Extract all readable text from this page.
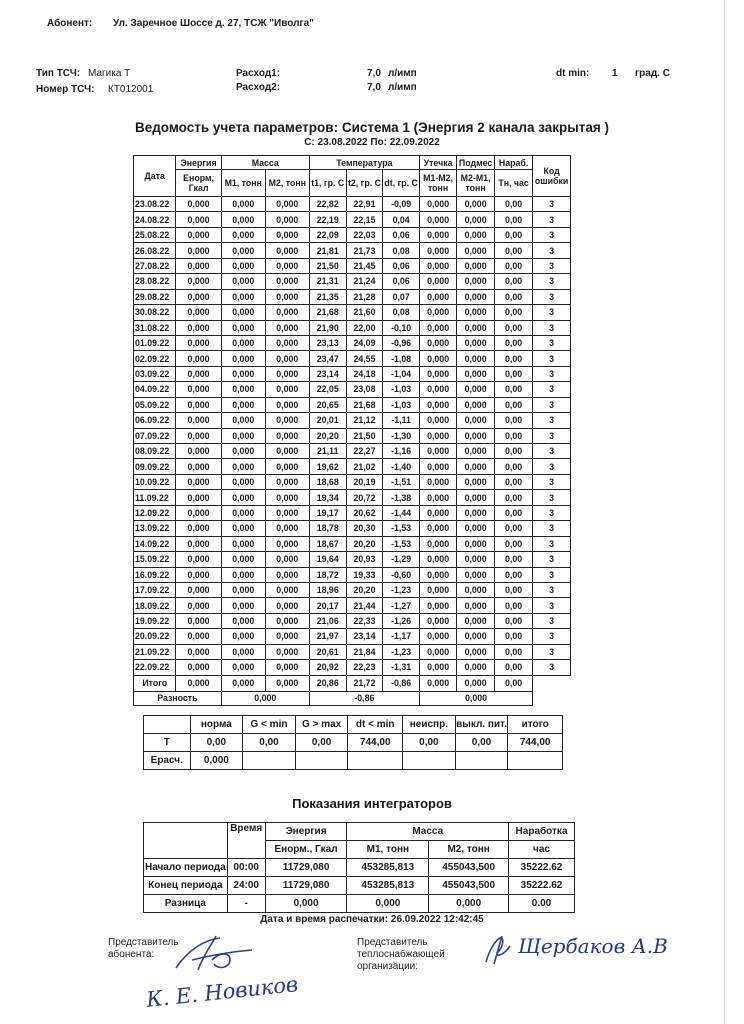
Абонент: Ул. Заречное Шоссе д. 27, ТСЖ "Иволга"
Тип ТСЧ: Магика Т
Номер ТСЧ: КТ012001
Расход1:	7,0 л/имп
Расход2:	7,0 л/имп
dt min: 1 град. С
Ведомость учета параметров: Система 1 (Энергия 2 канала закрытая )
С: 23.08.2022 По: 22.09.2022
Дата	Энергия	Масса		Температура			Утечка	Подмес	Нараб.	Код ошибки
	Енорм, Гкал	М1, тонн	М2, тонн	t1, гр. С	t2, гр. С	dt, гр. С	М1-М2, тонн	М2-М1, тонн	Тн, час	
23.08.22	0,000	0,000	0,000	22,82	22,91	-0,09	0,000	0,000	0,00	3
24.08.22	0,000	0,000	0,000	22,19	22,15	0,04	0,000	0,000	0,00	3
25.08.22	0,000	0,000	0,000	22,09	22,03	0,06	0,000	0,000	0,00	3
26.08.22	0,000	0,000	0,000	21,81	21,73	0,08	0,000	0,000	0,00	3
27.08.22	0,000	0,000	0,000	21,50	21,45	0,06	0,000	0,000	0,00	3
28.08.22	0,000	0,000	0,000	21,31	21,24	0,06	0,000	0,000	0,00	3
29.08.22	0,000	0,000	0,000	21,35	21,28	0,07	0,000	0,000	0,00	3
30.08.22	0,000	0,000	0,000	21,68	21,60	0,08	0,000	0,000	0,00	3
31.08.22	0,000	0,000	0,000	21,90	22,00	-0,10	0,000	0,000	0,00	3
01.09.22	0,000	0,000	0,000	23,13	24,09	-0,96	0,000	0,000	0,00	3
02.09.22	0,000	0,000	0,000	23,47	24,55	-1,08	0,000	0,000	0,00	3
03.09.22	0,000	0,000	0,000	23,14	24,18	-1,04	0,000	0,000	0,00	3
04.09.22	0,000	0,000	0,000	22,05	23,08	-1,03	0,000	0,000	0,00	3
05.09.22	0,000	0,000	0,000	20,65	21,68	-1,03	0,000	0,000	0,00	3
06.09.22	0,000	0,000	0,000	20,01	21,12	-1,11	0,000	0,000	0,00	3
07.09.22	0,000	0,000	0,000	20,20	21,50	-1,30	0,000	0,000	0,00	3
08.09.22	0,000	0,000	0,000	21,11	22,27	-1,16	0,000	0,000	0,00	3
09.09.22	0,000	0,000	0,000	19,62	21,02	-1,40	0,000	0,000	0,00	3
10.09.22	0,000	0,000	0,000	18,68	20,19	-1,51	0,000	0,000	0,00	3
11.09.22	0,000	0,000	0,000	19,34	20,72	-1,38	0,000	0,000	0,00	3
12.09.22	0,000	0,000	0,000	19,17	20,62	-1,44	0,000	0,000	0,00	3
13.09.22	0,000	0,000	0,000	18,78	20,30	-1,53	0,000	0,000	0,00	3
14.09.22	0,000	0,000	0,000	18,67	20,20	-1,53	0,000	0,000	0,00	3
15.09.22	0,000	0,000	0,000	19,64	20,93	-1,29	0,000	0,000	0,00	3
16.09.22	0,000	0,000	0,000	18,72	19,33	-0,60	0,000	0,000	0,00	3
17.09.22	0,000	0,000	0,000	18,96	20,20	-1,23	0,000	0,000	0,00	3
18.09.22	0,000	0,000	0,000	20,17	21,44	-1,27	0,000	0,000	0,00	3
19.09.22	0,000	0,000	0,000	21,06	22,33	-1,26	0,000	0,000	0,00	3
20.09.22	0,000	0,000	0,000	21,97	23,14	-1,17	0,000	0,000	0,00	3
21.09.22	0,000	0,000	0,000	20,61	21,84	-1,23	0,000	0,000	0,00	3
22.09.22	0,000	0,000	0,000	20,92	22,23	-1,31	0,000	0,000	0,00	3
Итого	0,000	0,000	0,000	20,86	21,72	-0,86	0,000	0,000	0,00	
Разность		0,000		-0,86			0,000			
	норма	G < min	G > max	dt < min	неиспр.	выкл. пит.	итого
T	0,00	0,00	0,00	744,00	0,00	0,00	744,00
Ерасч.	0,000						
Показания интеграторов
	Время	Энергия	Масса		Наработка
		Енорм., Гкал	М1, тонн	М2, тонн	час
Начало периода	00:00	11729,080	453285,813	455043,500	35222.62
Конец периода	24:00	11729,080	453285,813	455043,500	35222.62
Разница	-	0,000	0,000	0,000	0.00
Дата и время распечатки: 26.09.2022 12:42:45
Представитель
абонента:
Представитель
теплоснабжающей
организации:
К. Е. Новиков
Щербаков А.В
